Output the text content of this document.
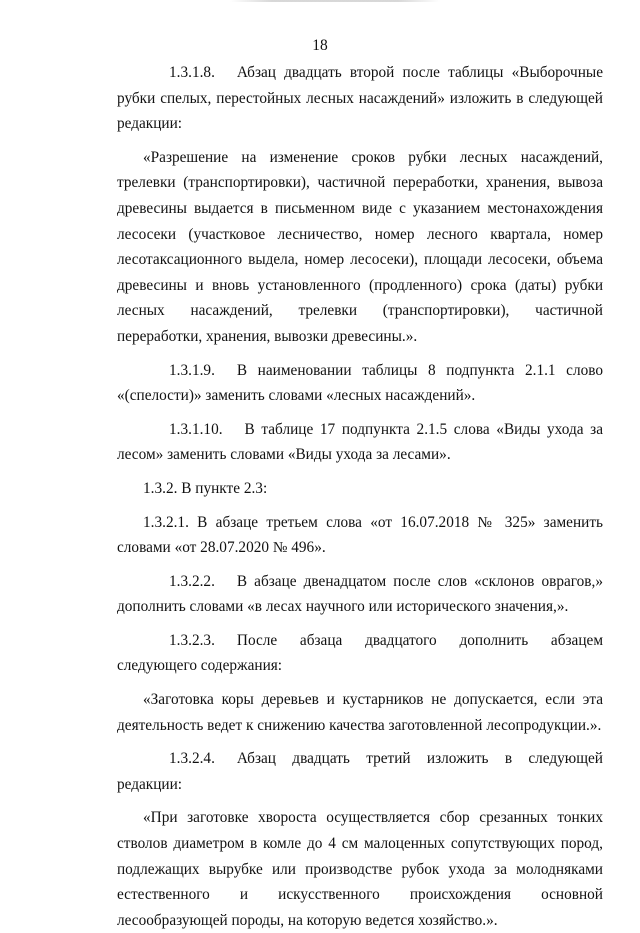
18

1.3.1.8. Абзац двадцать второй после таблицы «Выборочные рубки спелых, перестойных лесных насаждений» изложить в следующей редакции:

«Разрешение на изменение сроков рубки лесных насаждений, трелевки (транспортировки), частичной переработки, хранения, вывоза древесины выдается в письменном виде с указанием местонахождения лесосеки (участковое лесничество, номер лесного квартала, номер лесотаксационного выдела, номер лесосеки), площади лесосеки, объема древесины и вновь установленного (продленного) срока (даты) рубки лесных насаждений, трелевки (транспортировки), частичной переработки, хранения, вывозки древесины.».

1.3.1.9. В наименовании таблицы 8 подпункта 2.1.1 слово «(спелости)» заменить словами «лесных насаждений».

1.3.1.10. В таблице 17 подпункта 2.1.5 слова «Виды ухода за лесом» заменить словами «Виды ухода за лесами».

1.3.2. В пункте 2.3:

1.3.2.1. В абзаце третьем слова «от 16.07.2018 № 325» заменить словами «от 28.07.2020 № 496».

1.3.2.2. В абзаце двенадцатом после слов «склонов оврагов,» дополнить словами «в лесах научного или исторического значения,».

1.3.2.3. После абзаца двадцатого дополнить абзацем следующего содержания:

«Заготовка коры деревьев и кустарников не допускается, если эта деятельность ведет к снижению качества заготовленной лесопродукции.».

1.3.2.4. Абзац двадцать третий изложить в следующей редакции:

«При заготовке хвороста осуществляется сбор срезанных тонких стволов диаметром в комле до 4 см малоценных сопутствующих пород, подлежащих вырубке или производстве рубок ухода за молодняками естественного и искусственного происхождения основной лесообразующей породы, на которую ведется хозяйство.».
